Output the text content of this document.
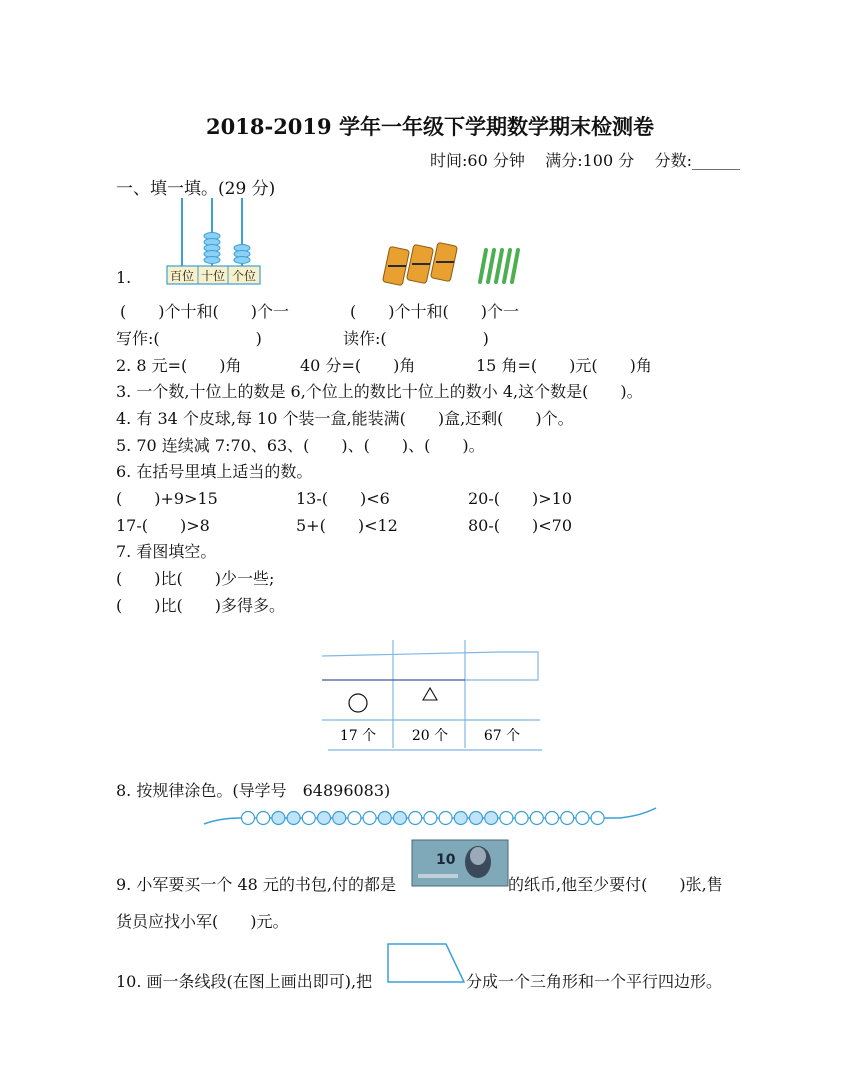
2018-2019 学年一年级下学期数学期末检测卷
时间:60 分钟 满分:100 分 分数:______
一、填一填。(29 分)
1.	百位 十位 个位
(　　)个十和(　　)个一	(　　)个十和(　　)个一
写作:(　　　　　　)	读作:(　　　　　　)
2. 8 元=(　　)角	40 分=(　　)角	15 角=(　　)元(　　)角
3. 一个数,十位上的数是 6,个位上的数比十位上的数小 4,这个数是(　　)。
4. 有 34 个皮球,每 10 个装一盒,能装满(　　)盒,还剩(　　)个。
5. 70 连续减 7:70、63、(　　)、(　　)、(　　)。
6. 在括号里填上适当的数。
(　　)+9>15	13-(　　)<6	20-(　　)>10
17-(　　)>8	5+(　　)<12	80-(　　)<70
7. 看图填空。
(　　)比(　　)少一些;
(　　)比(　　)多得多。
17 个	20 个	67 个
8. 按规律涂色。(导学号　64896083)
9. 小军要买一个 48 元的书包,付的都是
10
的纸币,他至少要付(　　)张,售
货员应找小军(　　)元。
10. 画一条线段(在图上画出即可),把	分成一个三角形和一个平行四边形。
